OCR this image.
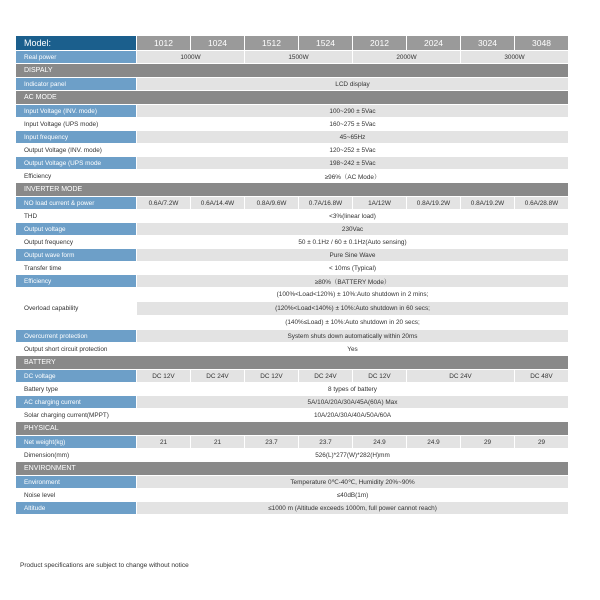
Model:	1012	1024	1512	1524	2012	2024	3024	3048
Real power	1000W		1500W		2000W		3000W	
DISPALY								
Indicator panel	LCD display							
AC MODE								
Input Voltage (INV. mode)	100~290 ± 5Vac							
Input Voltage (UPS mode)	160~275 ± 5Vac							
Input frequency	45~65Hz							
Output Voltage (INV. mode)	120~252 ± 5Vac							
Output Voltage (UPS mode	198~242 ± 5Vac							
Efficiency	≥96%（AC Mode）							
INVERTER MODE								
NO load current & power	0.6A/7.2W	0.6A/14.4W	0.8A/9.6W	0.7A/16.8W	1A/12W	0.8A/19.2W	0.8A/19.2W	0.6A/28.8W
THD	<3%(linear load)							
Output voltage	230Vac							
Output frequency	50 ± 0.1Hz / 60 ± 0.1Hz(Auto sensing)							
Output wave form	Pure Sine Wave							
Transfer time	< 10ms (Typical)							
Efficiency	≥80%（BATTERY Mode）							
Overload capability	(100%<Load<120%) ± 10%:Auto shutdown in 2 mins;							
	(120%<Load<140%) ± 10%:Auto shutdown in 60 secs;							
	(140%≤Load) ± 10%:Auto shutdown in 20 secs;							
Overcurrent protection	System shuts down automatically within 20ms							
Output short circuit protection	Yes							
BATTERY								
DC voltage	DC 12V	DC 24V	DC 12V	DC 24V	DC 12V	DC 24V		DC 48V
Battery type	8 types of battery							
AC charging current	5A/10A/20A/30A/45A(60A) Max							
Solar charging current(MPPT)	10A/20A/30A/40A/50A/60A							
PHYSICAL								
Net weight(kg)	21	21	23.7	23.7	24.9	24.9	29	29
Dimension(mm)	526(L)*277(W)*282(H)mm							
ENVIRONMENT								
Environment	Temperature 0℃-40℃, Humidity 20%~90%							
Noise level	≤40dB(1m)							
Altitude	≤1000 m (Altitude exceeds 1000m, full power cannot reach)							
Product specifications are subject to change without notice
